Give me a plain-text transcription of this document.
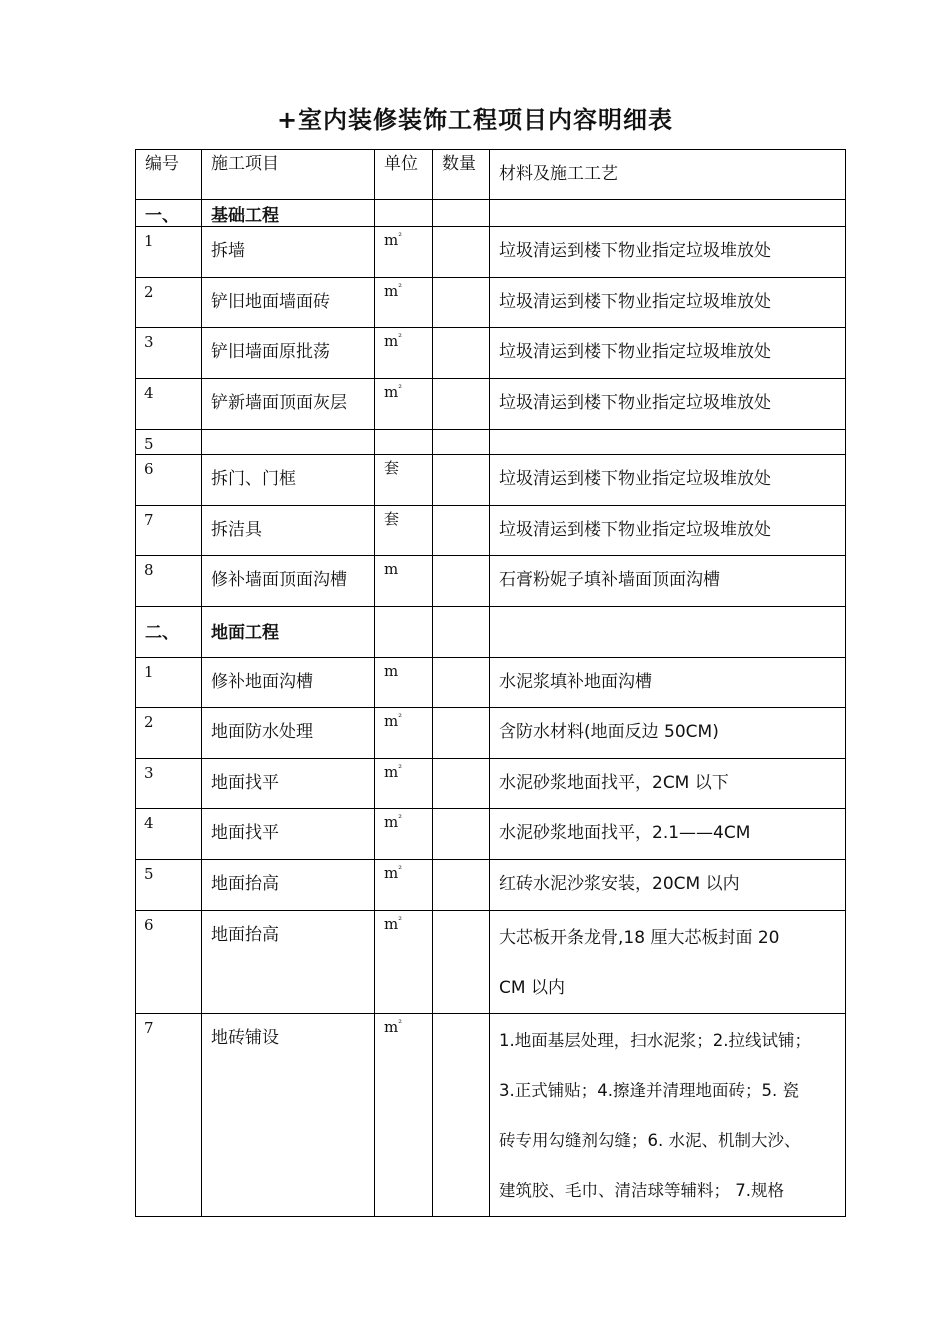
+室内装修装饰工程项目内容明细表
编号	施工项目	单位	数量	材料及施工工艺
一、	基础工程			
1	拆墙	$m^{^2}$		垃圾清运到楼下物业指定垃圾堆放处
2	铲旧地面墙面砖	$m^{^2}$		垃圾清运到楼下物业指定垃圾堆放处
3	铲旧墙面原批荡	$m^{^2}$		垃圾清运到楼下物业指定垃圾堆放处
4	铲新墙面顶面灰层	$m^{^2}$		垃圾清运到楼下物业指定垃圾堆放处
5				
6	拆门、门框	套		垃圾清运到楼下物业指定垃圾堆放处
7	拆洁具	套		垃圾清运到楼下物业指定垃圾堆放处
8	修补墙面顶面沟槽	m		石膏粉妮子填补墙面顶面沟槽
二、	地面工程			
1	修补地面沟槽	m		水泥浆填补地面沟槽
2	地面防水处理	$m^{^2}$		含防水材料(地面反边 50CM)
3	地面找平	$m^{^2}$		水泥砂浆地面找平，2CM 以下
4	地面找平	$m^{^2}$		水泥砂浆地面找平，2.1——4CM
5	地面抬高	$m^{^2}$		红砖水泥沙浆安装，20CM 以内
6	地面抬高	$m^{^2}$		大芯板开条龙骨,18 厘大芯板封面 20
CM 以内

7	地砖铺设	$m^{^2}$		1.地面基层处理，扫水泥浆；2.拉线试铺；
3.正式铺贴；4.擦逢并清理地面砖；5. 瓷
砖专用勾缝剂勾缝；6. 水泥、机制大沙、
建筑胶、毛巾、清洁球等辅料； 7.规格
